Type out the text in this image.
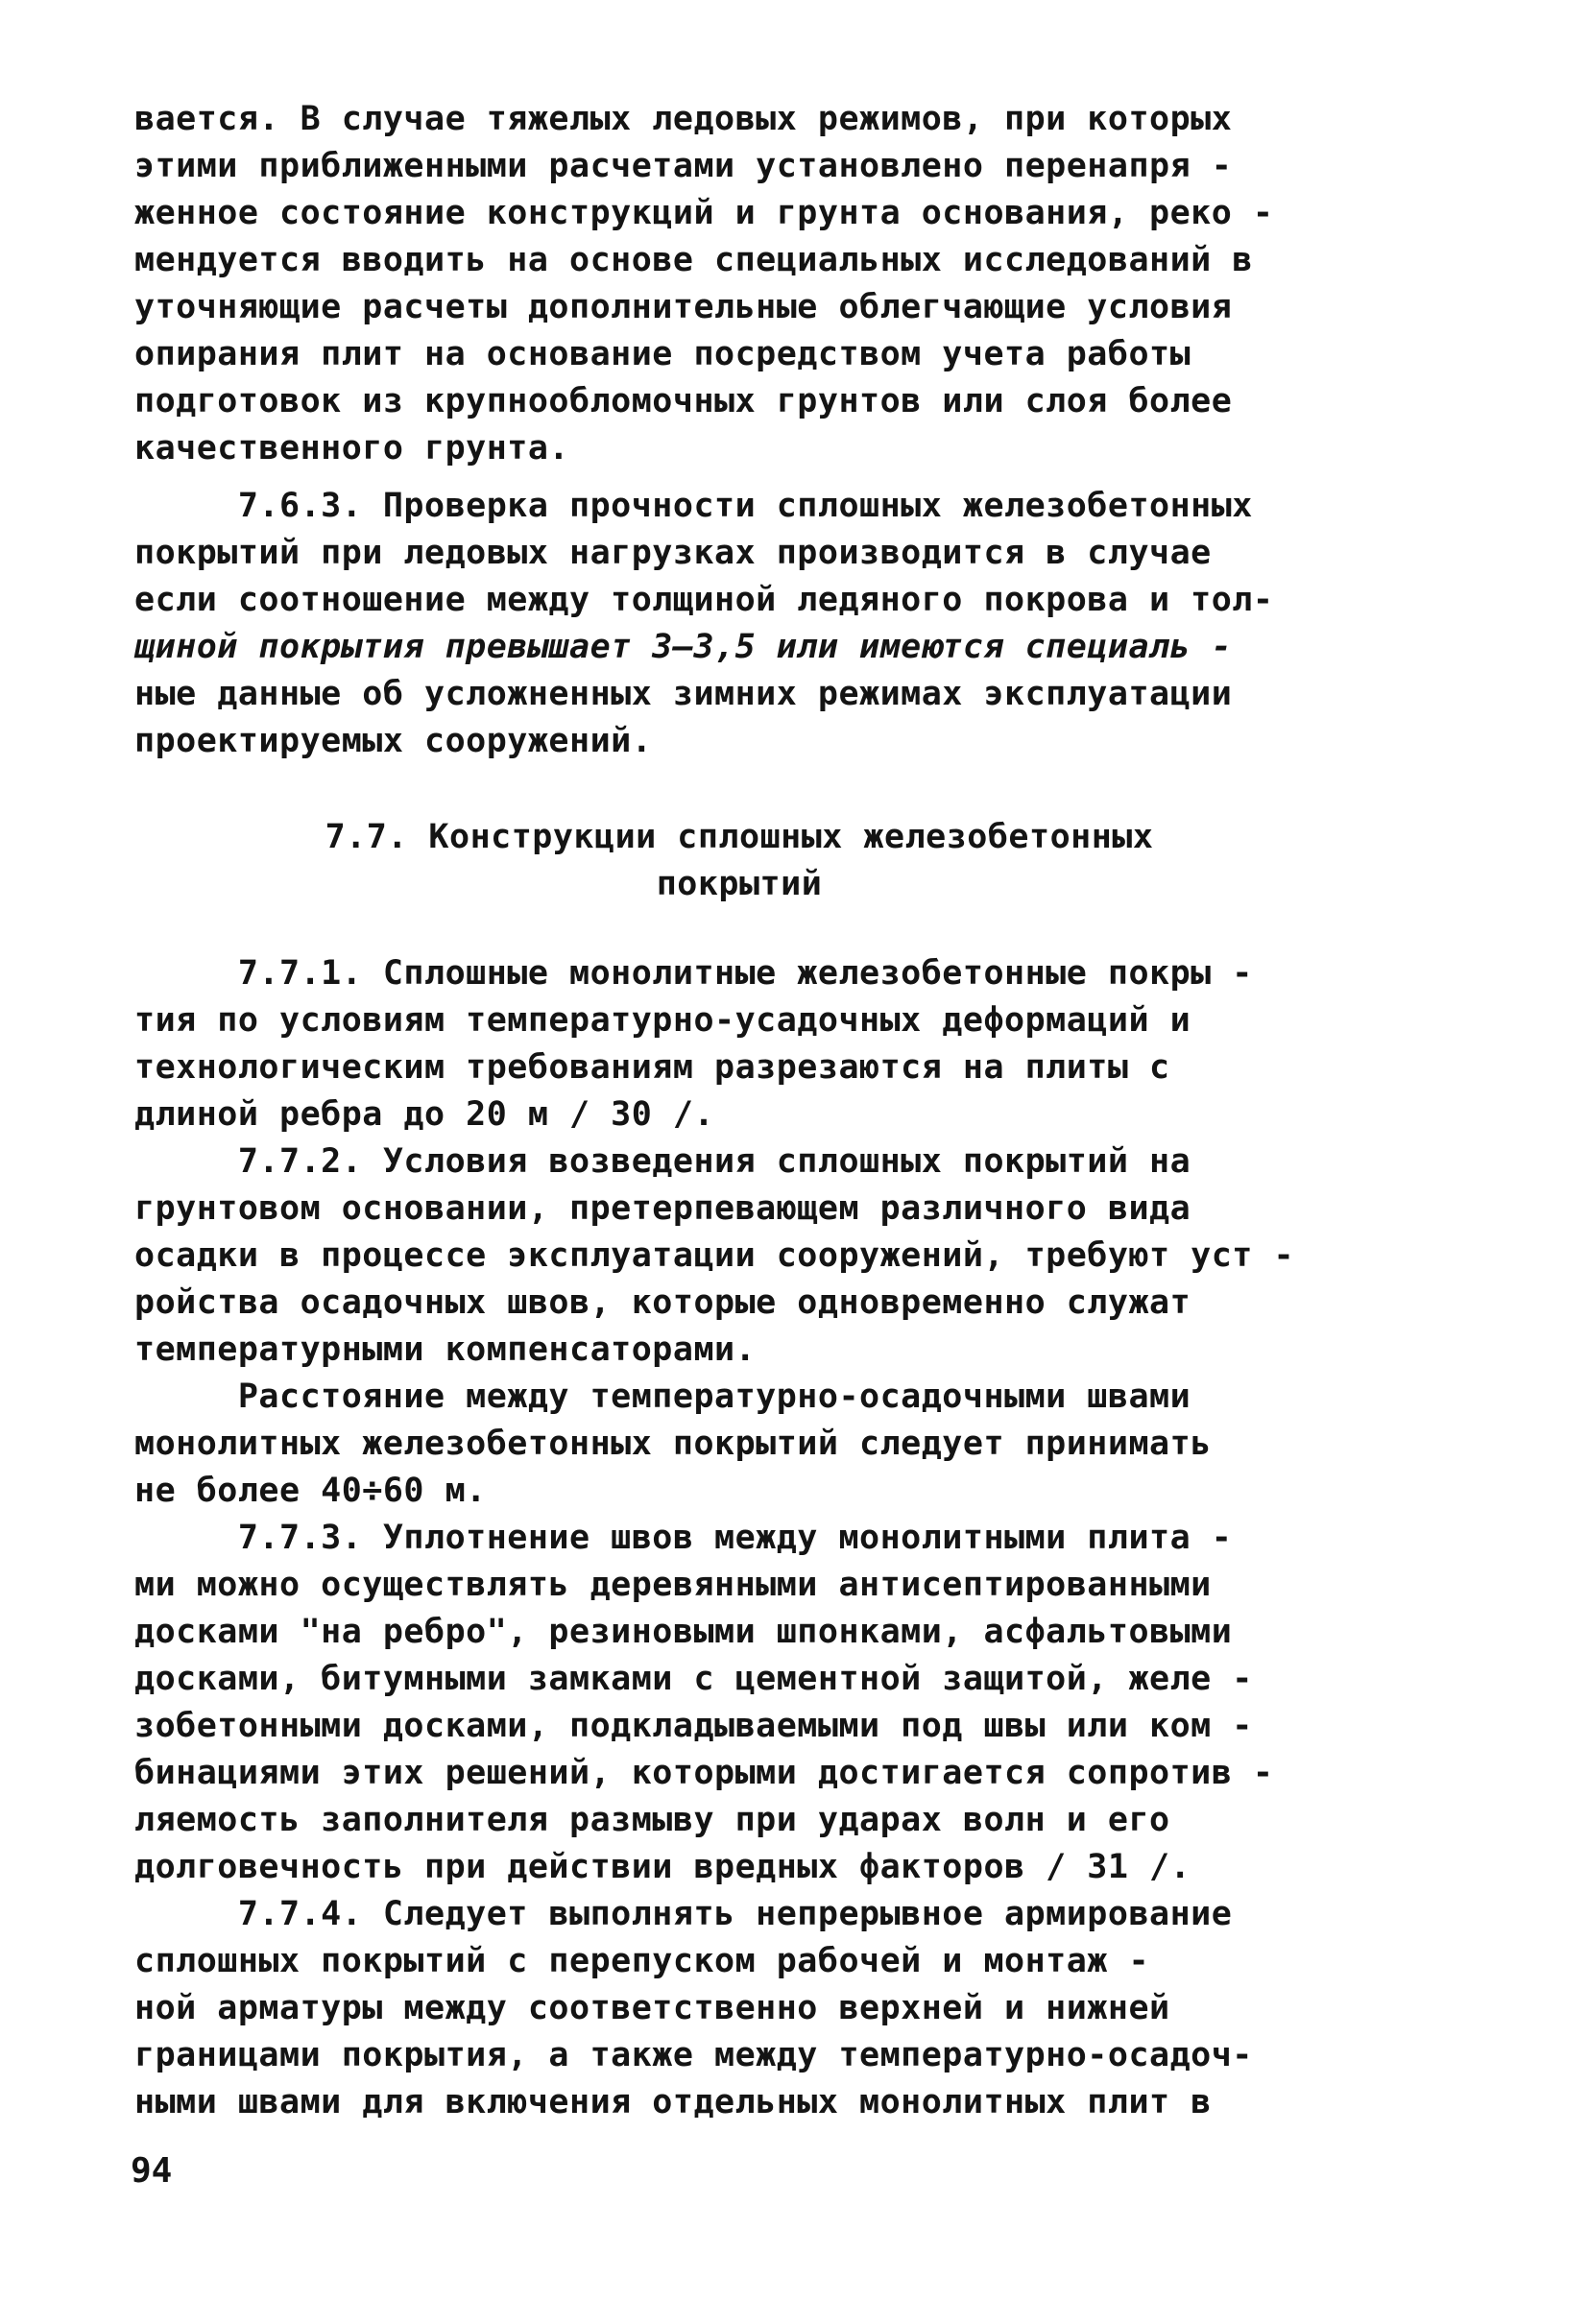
вается. В случае тяжелых ледовых режимов, при которых
этими приближенными расчетами установлено перенапря -
женное состояние конструкций и грунта основания, реко -
мендуется вводить на основе специальных исследований в
уточняющие расчеты дополнительные облегчающие условия
опирания плит на основание посредством учета работы
подготовок из крупнообломочных грунтов или слоя более
качественного грунта.
7.6.3. Проверка прочности сплошных железобетонных
покрытий при ледовых нагрузках производится в случае
если соотношение между толщиной ледяного покрова и тол-
щиной покрытия превышает 3–3,5 или имеются специаль -
ные данные об усложненных зимних режимах эксплуатации
проектируемых сооружений.
7.7. Конструкции сплошных железобетонных
покрытий
7.7.1. Сплошные монолитные железобетонные покры -
тия по условиям температурно-усадочных деформаций и
технологическим требованиям разрезаются на плиты с
длиной ребра до 20 м / 30 /.
7.7.2. Условия возведения сплошных покрытий на
грунтовом основании, претерпевающем различного вида
осадки в процессе эксплуатации сооружений, требуют уст -
ройства осадочных швов, которые одновременно служат
температурными компенсаторами.
Расстояние между температурно-осадочными швами
монолитных железобетонных покрытий следует принимать
не более 40÷60 м.
7.7.3. Уплотнение швов между монолитными плита -
ми можно осуществлять деревянными антисептированными
досками "на ребро", резиновыми шпонками, асфальтовыми
досками, битумными замками с цементной защитой, желе -
зобетонными досками, подкладываемыми под швы или ком -
бинациями этих решений, которыми достигается сопротив -
ляемость заполнителя размыву при ударах волн и его
долговечность при действии вредных факторов / 31 /.
7.7.4. Следует выполнять непрерывное армирование
сплошных покрытий с перепуском рабочей и монтаж -
ной арматуры между соответственно верхней и нижней
границами покрытия, а также между температурно-осадоч-
ными швами для включения отдельных монолитных плит в
94
